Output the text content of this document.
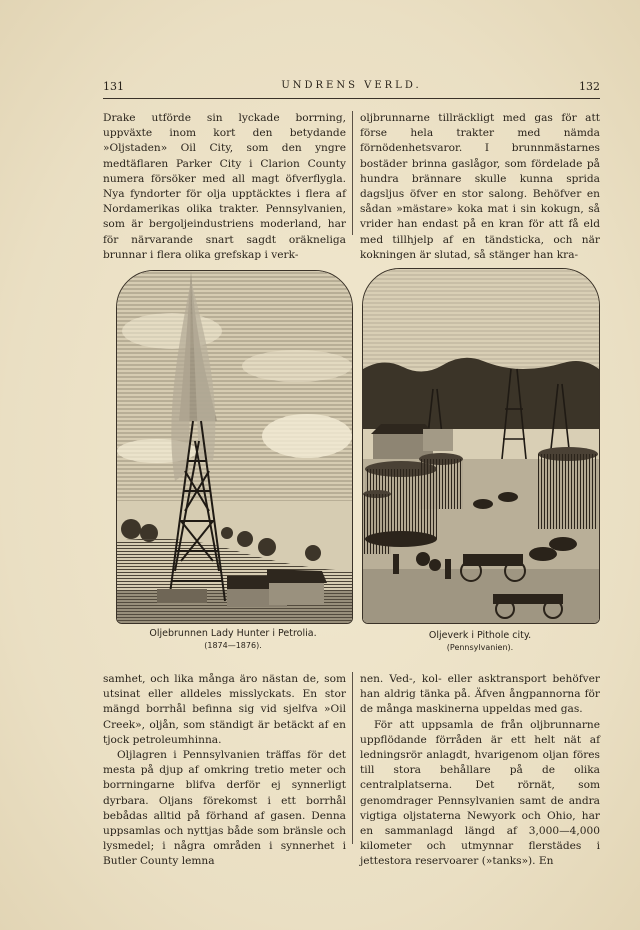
131	UNDRENS VERLD.	132

Drake utförde sin lyckade borrning, uppväxte inom kort den betydande »Oljstaden» Oil City, som den yngre medtäflaren Parker City i Clarion County numera försöker med all magt öfverflygla. Nya fyndorter för olja upptäcktes i flera af Nordamerikas olika trakter. Pennsylvanien, som är bergoljeindustriens moderland, har för närvarande snart sagdt oräkneliga brunnar i flera olika grefskap i verk-

oljbrunnarne tillräckligt med gas för att förse hela trakter med nämda förnödenhetsvaror. I brunnmästarnes bostäder brinna gaslågor, som fördelade på hundra brännare skulle kunna sprida dagsljus öfver en stor salong. Behöfver en sådan »mästare» koka mat i sin kokugn, så vrider han endast på en kran för att få eld med tillhjelp af en tändsticka, och när kokningen är slutad, så stänger han kra-

Oljebrunnen Lady Hunter i Petrolia.
(1874—1876).
Oljeverk i Pithole city.
(Pennsylvanien).

samhet, och lika många äro nästan de, som utsinat eller alldeles misslyckats. En stor mängd borrhål befinna sig vid sjelfva »Oil Creek», oljån, som ständigt är betäckt af en tjock petroleumhinna.

Oljlagren i Pennsylvanien träffas för det mesta på djup af omkring tretio meter och borrningarne blifva derför ej synnerligt dyrbara. Oljans förekomst i ett borrhål bebådas alltid på förhand af gasen. Denna uppsamlas och nyttjas både som bränsle och lysmedel; i några områden i synnerhet i Butler County lemna

nen. Ved-, kol- eller asktransport behöfver han aldrig tänka på. Äfven ångpannorna för de många maskinerna uppeldas med gas.

För att uppsamla de från oljbrunnarne uppflödande förråden är ett helt nät af ledningsrör anlagdt, hvarigenom oljan föres till stora behållare på de olika centralplatserna. Det rörnät, som genomdrager Pennsylvanien samt de andra vigtiga oljstaterna Newyork och Ohio, har en sammanlagd längd af 3,000—4,000 kilometer och utmynnar flerstädes i jettestora reservoarer (»tanks»). En
